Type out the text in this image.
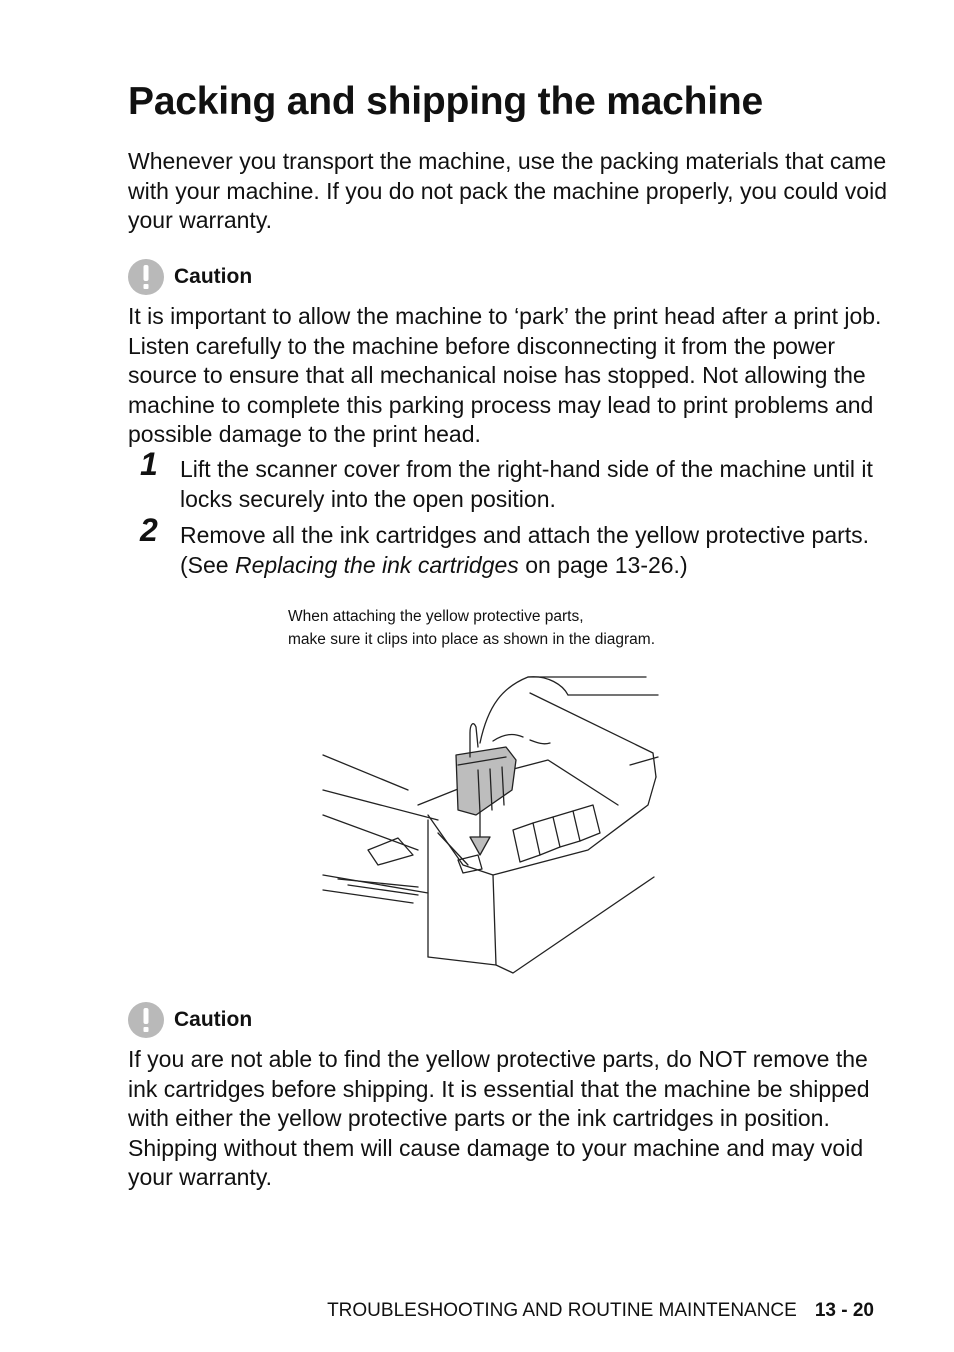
Packing and shipping the machine

Whenever you transport the machine, use the packing materials that came with your machine. If you do not pack the machine properly, you could void your warranty.

Caution

It is important to allow the machine to ‘park’ the print head after a print job. Listen carefully to the machine before disconnecting it from the power source to ensure that all mechanical noise has stopped. Not allowing the machine to complete this parking process may lead to print problems and possible damage to the print head.

1 Lift the scanner cover from the right-hand side of the machine until it locks securely into the open position.

2 Remove all the ink cartridges and attach the yellow protective parts. (See Replacing the ink cartridges on page 13-26.)

When attaching the yellow protective parts,
make sure it clips into place as shown in the diagram.

Caution

If you are not able to find the yellow protective parts, do NOT remove the ink cartridges before shipping. It is essential that the machine be shipped with either the yellow protective parts or the ink cartridges in position. Shipping without them will cause damage to your machine and may void your warranty.

TROUBLESHOOTING AND ROUTINE MAINTENANCE 13 - 20
